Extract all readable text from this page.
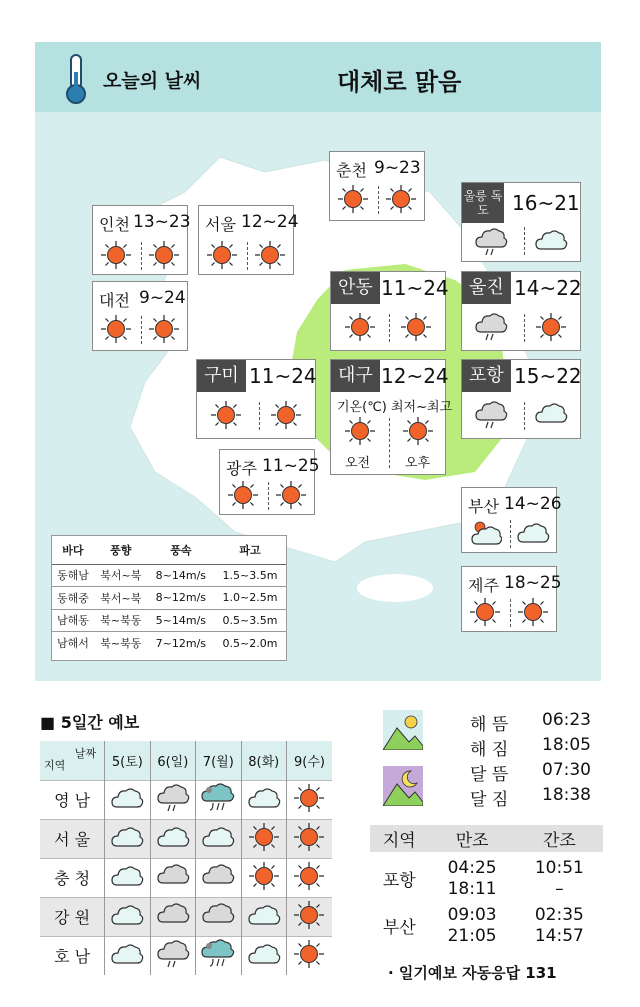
오늘의 날씨	대체로 맑음
춘천 9~23
인천 13~23 서울 12~24
대전 9~24
울릉 독도	16~21
안동 11~24	울진 14~22
구미 11~24	대구 12~24
기온(℃) 최저~최고
오전	오후
포항 15~22
광주 11~25
부산 14~26
제주 18~25
바다	풍향	풍속	파고
동해남	북서~북	8~14m/s	1.5~3.5m
동해중	북서~북	8~12m/s	1.0~2.5m
남해동	북~북동	5~14m/s	0.5~3.5m
남해서	북~북동	7~12m/s	0.5~2.0m
■ 5일간 예보
날짜
지역	5(토)	6(일)	7(월)	8(화)	9(수)
영 남					
서 울					
충 청					
강 원					
호 남					
해 뜸 06:23
해 짐 18:05
달 뜸 07:30
달 짐 18:38
지역	만조	간조
포항	04:25	10:51
	18:11	–
부산	09:03	02:35
	21:05	14:57
· 일기예보 자동응답 131
